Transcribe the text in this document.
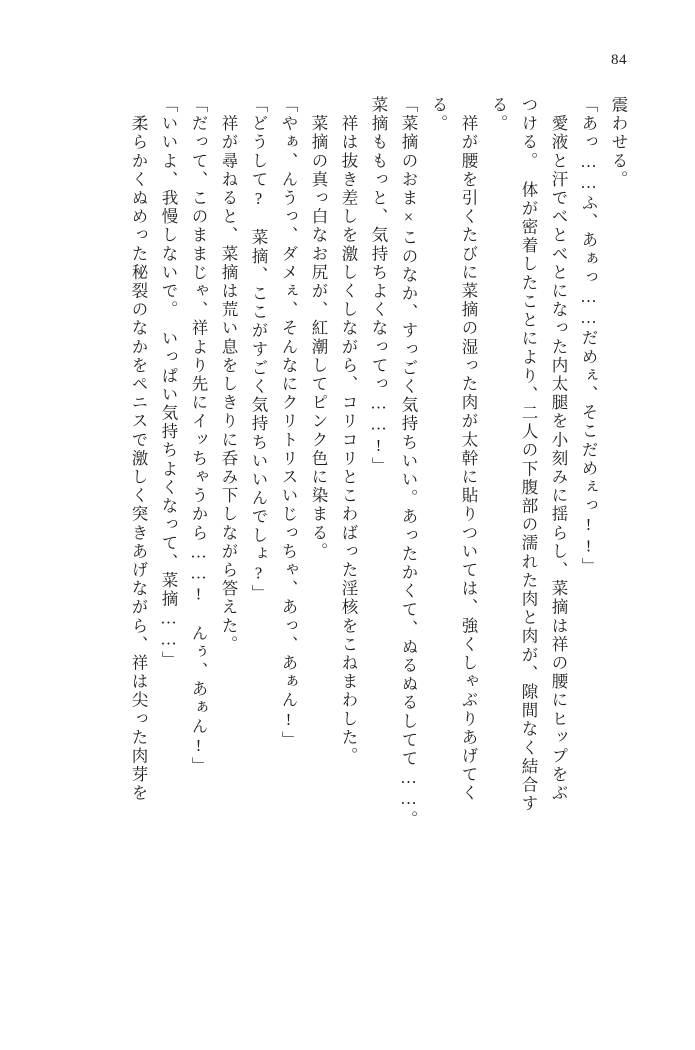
84
震わせる。
「あっ……ふ、あぁっ……だめぇ、そこだめぇっ!!」
　愛液と汗でべとべとになった内太腿を小刻みに揺らし、菜摘は祥の腰にヒップをぶ
つける。　体が密着したことにより、二人の下腹部の濡れた肉と肉が、隙間なく結合す
る。
　祥が腰を引くたびに菜摘の湿った肉が太幹に貼りついては、強くしゃぶりあげてく
る。
「菜摘のおま×このなか、すっごく気持ちいい。あったかくて、ぬるぬるしてて……。
菜摘ももっと、気持ちよくなってっ……!」
　祥は抜き差しを激しくしながら、コリコリとこわばった淫核をこねまわした。
　菜摘の真っ白なお尻が、紅潮してピンク色に染まる。
「やぁ、んうっ、ダメぇ、そんなにクリトリスいじっちゃ、あっ、あぁん!」
「どうして?　菜摘、ここがすごく気持ちいいんでしょ?」
　祥が尋ねると、菜摘は荒い息をしきりに呑み下しながら答えた。
「だって、このままじゃ、祥より先にイッちゃうから……!　んぅ、あぁん!」
「いいよ、我慢しないで。　いっぱい気持ちよくなって、菜摘……」
　柔らかくぬめった秘裂のなかをペニスで激しく突きあげながら、祥は尖った肉芽を
